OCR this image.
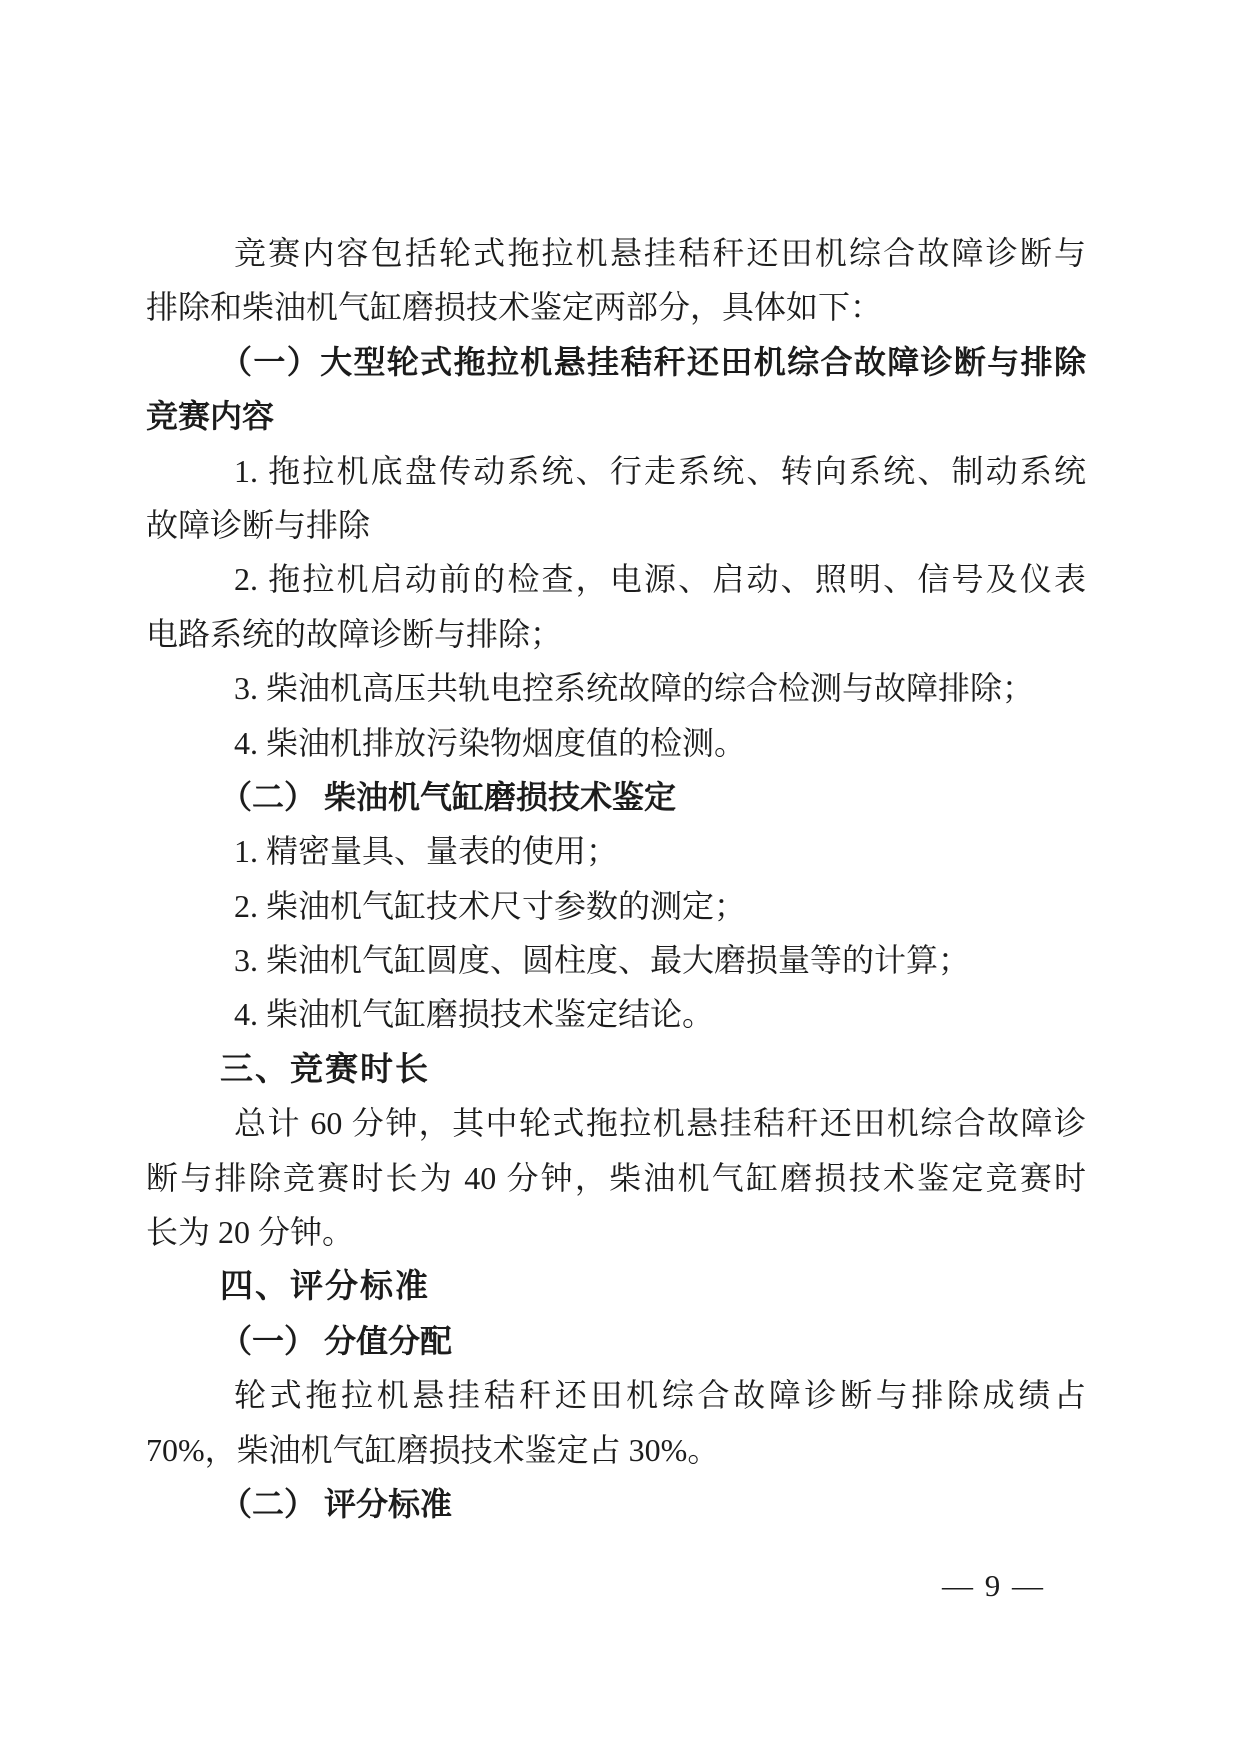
竞赛内容包括轮式拖拉机悬挂秸秆还田机综合故障诊断与
排除和柴油机气缸磨损技术鉴定两部分，具体如下：
（一）大型轮式拖拉机悬挂秸秆还田机综合故障诊断与排除
竞赛内容
1. 拖拉机底盘传动系统、行走系统、转向系统、制动系统
故障诊断与排除
2. 拖拉机启动前的检查，电源、启动、照明、信号及仪表
电路系统的故障诊断与排除；
3. 柴油机高压共轨电控系统故障的综合检测与故障排除；
4. 柴油机排放污染物烟度值的检测。
（二） 柴油机气缸磨损技术鉴定
1. 精密量具、量表的使用；
2. 柴油机气缸技术尺寸参数的测定；
3. 柴油机气缸圆度、圆柱度、最大磨损量等的计算；
4. 柴油机气缸磨损技术鉴定结论。
三、竞赛时长
总计 60 分钟，其中轮式拖拉机悬挂秸秆还田机综合故障诊
断与排除竞赛时长为 40 分钟，柴油机气缸磨损技术鉴定竞赛时
长为 20 分钟。
四、评分标准
（一） 分值分配
轮式拖拉机悬挂秸秆还田机综合故障诊断与排除成绩占
70%，柴油机气缸磨损技术鉴定占 30%。
（二） 评分标准
— 9 —
